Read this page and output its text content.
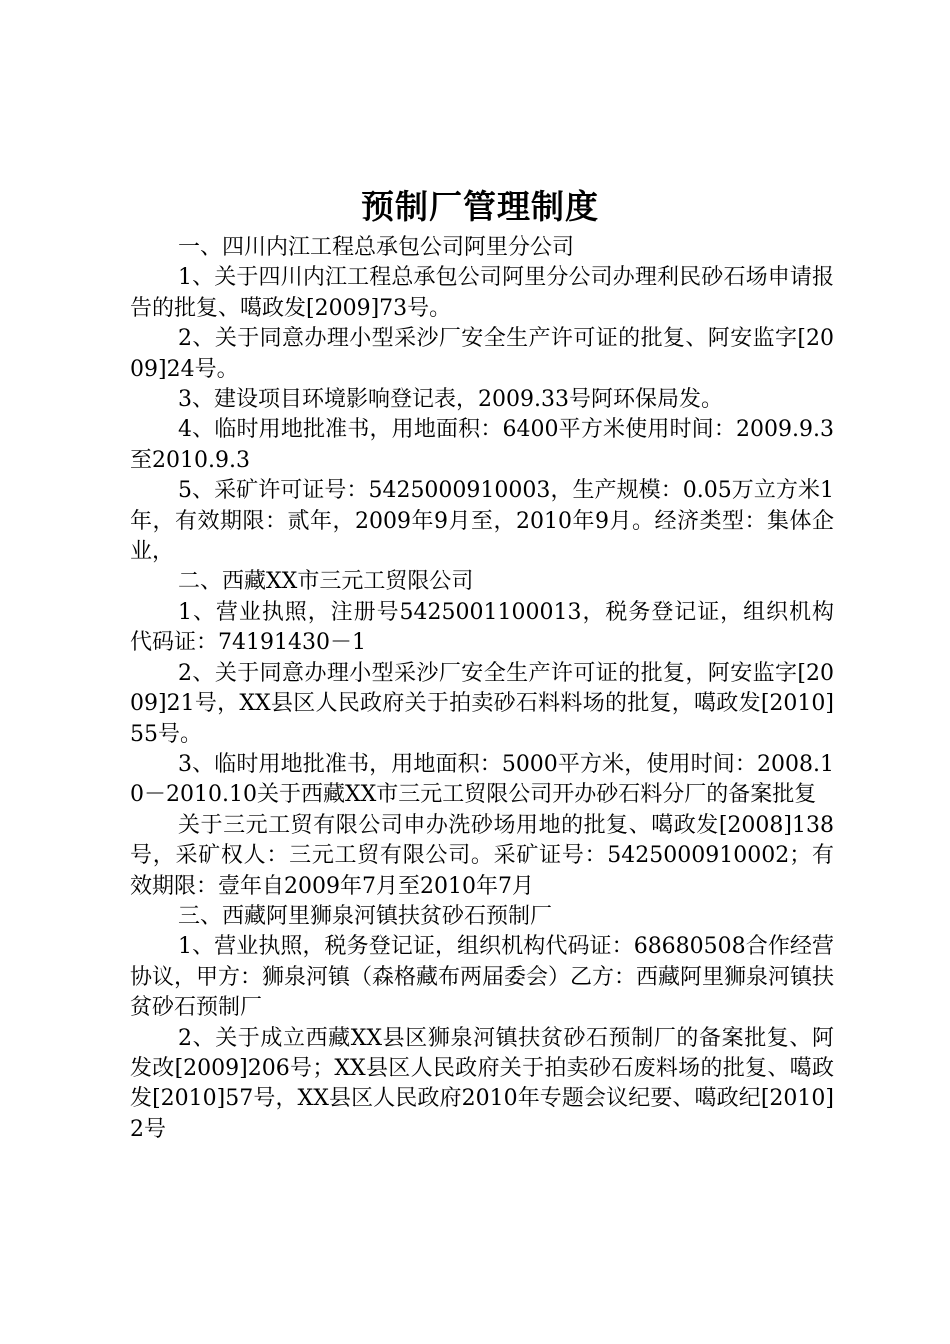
预制厂管理制度

一、四川内江工程总承包公司阿里分公司

1、关于四川内江工程总承包公司阿里分公司办理利民砂石场申请报告的批复、噶政发[2009]73号。

2、关于同意办理小型采沙厂安全生产许可证的批复、阿安监字[2009]24号。

3、建设项目环境影响登记表，2009.33号阿环保局发。

4、临时用地批准书，用地面积：6400平方米使用时间：2009.9.3至2010.9.3

5、采矿许可证号：5425000910003，生产规模：0.05万立方米1年，有效期限：贰年，2009年9月至，2010年9月。经济类型：集体企业，

二、西藏XX市三元工贸限公司

1、营业执照，注册号5425001100013，税务登记证，组织机构代码证：74191430－1

2、关于同意办理小型采沙厂安全生产许可证的批复，阿安监字[2009]21号，XX县区人民政府关于拍卖砂石料料场的批复，噶政发[2010]55号。

3、临时用地批准书，用地面积：5000平方米，使用时间：2008.10－2010.10关于西藏XX市三元工贸限公司开办砂石料分厂的备案批复

关于三元工贸有限公司申办洗砂场用地的批复、噶政发[2008]138号，采矿权人：三元工贸有限公司。采矿证号：5425000910002；有效期限：壹年自2009年7月至2010年7月

三、西藏阿里狮泉河镇扶贫砂石预制厂

1、营业执照，税务登记证，组织机构代码证：68680508合作经营协议，甲方：狮泉河镇（森格藏布两届委会）乙方：西藏阿里狮泉河镇扶贫砂石预制厂

2、关于成立西藏XX县区狮泉河镇扶贫砂石预制厂的备案批复、阿发改[2009]206号；XX县区人民政府关于拍卖砂石废料场的批复、噶政发[2010]57号，XX县区人民政府2010年专题会议纪要、噶政纪[2010]2号
